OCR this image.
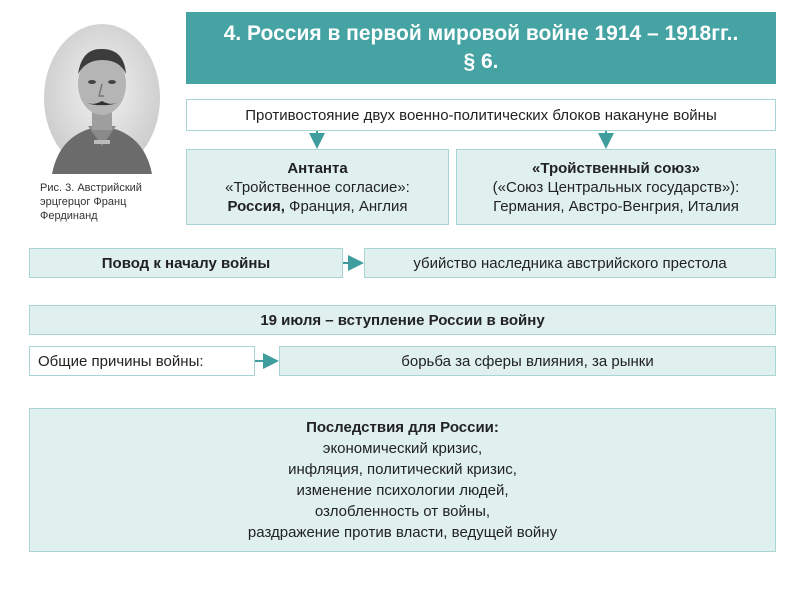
Рис. 3. Австрийский эрцгерцог Франц Фердинанд
4. Россия в первой мировой войне 1914 – 1918гг..
§ 6.
Противостояние двух военно-политических блоков накануне войны
Антанта
«Тройственное согласие»:
Россия, Франция, Англия
«Тройственный союз»
(«Союз Центральных государств»):
Германия, Австро-Венгрия, Италия
Повод к началу войны	убийство наследника австрийского престола
19 июля – вступление России в войну
Общие причины войны:	борьба за сферы влияния, за рынки
Последствия для России:
экономический кризис,
инфляция, политический кризис,
изменение психологии людей,
озлобленность от войны,
раздражение против власти, ведущей войну
